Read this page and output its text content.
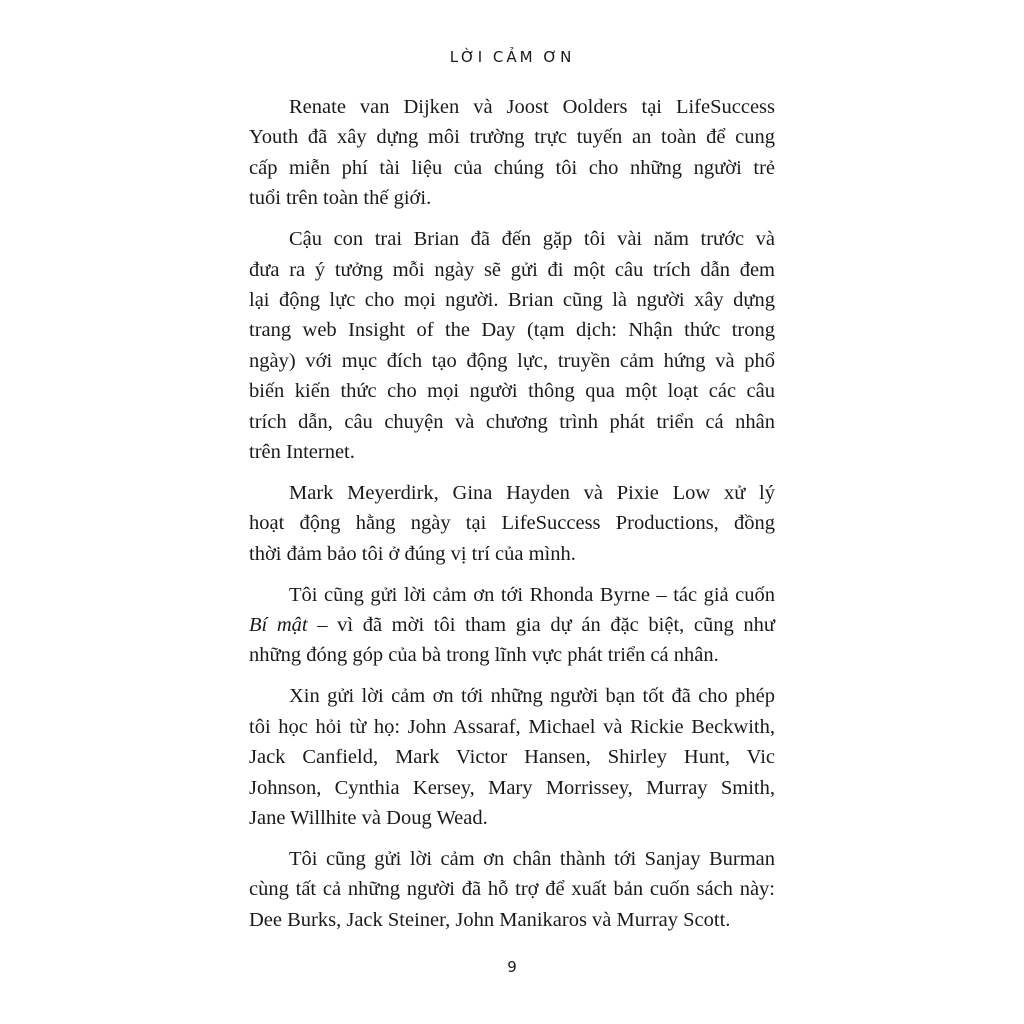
LỜI CẢM ƠN

Renate van Dijken và Joost Oolders tại LifeSuccess
Youth đã xây dựng môi trường trực tuyến an toàn để cung
cấp miễn phí tài liệu của chúng tôi cho những người trẻ
tuổi trên toàn thế giới.
Cậu con trai Brian đã đến gặp tôi vài năm trước và
đưa ra ý tưởng mỗi ngày sẽ gửi đi một câu trích dẫn đem
lại động lực cho mọi người. Brian cũng là người xây dựng
trang web Insight of the Day (tạm dịch: Nhận thức trong
ngày) với mục đích tạo động lực, truyền cảm hứng và phổ
biến kiến thức cho mọi người thông qua một loạt các câu
trích dẫn, câu chuyện và chương trình phát triển cá nhân
trên Internet.
Mark Meyerdirk, Gina Hayden và Pixie Low xử lý
hoạt động hằng ngày tại LifeSuccess Productions, đồng
thời đảm bảo tôi ở đúng vị trí của mình.
Tôi cũng gửi lời cảm ơn tới Rhonda Byrne – tác giả cuốn
Bí mật – vì đã mời tôi tham gia dự án đặc biệt, cũng như
những đóng góp của bà trong lĩnh vực phát triển cá nhân.
Xin gửi lời cảm ơn tới những người bạn tốt đã cho phép
tôi học hỏi từ họ: John Assaraf, Michael và Rickie Beckwith,
Jack Canfield, Mark Victor Hansen, Shirley Hunt, Vic
Johnson, Cynthia Kersey, Mary Morrissey, Murray Smith,
Jane Willhite và Doug Wead.
Tôi cũng gửi lời cảm ơn chân thành tới Sanjay Burman
cùng tất cả những người đã hỗ trợ để xuất bản cuốn sách này:
Dee Burks, Jack Steiner, John Manikaros và Murray Scott.

9
